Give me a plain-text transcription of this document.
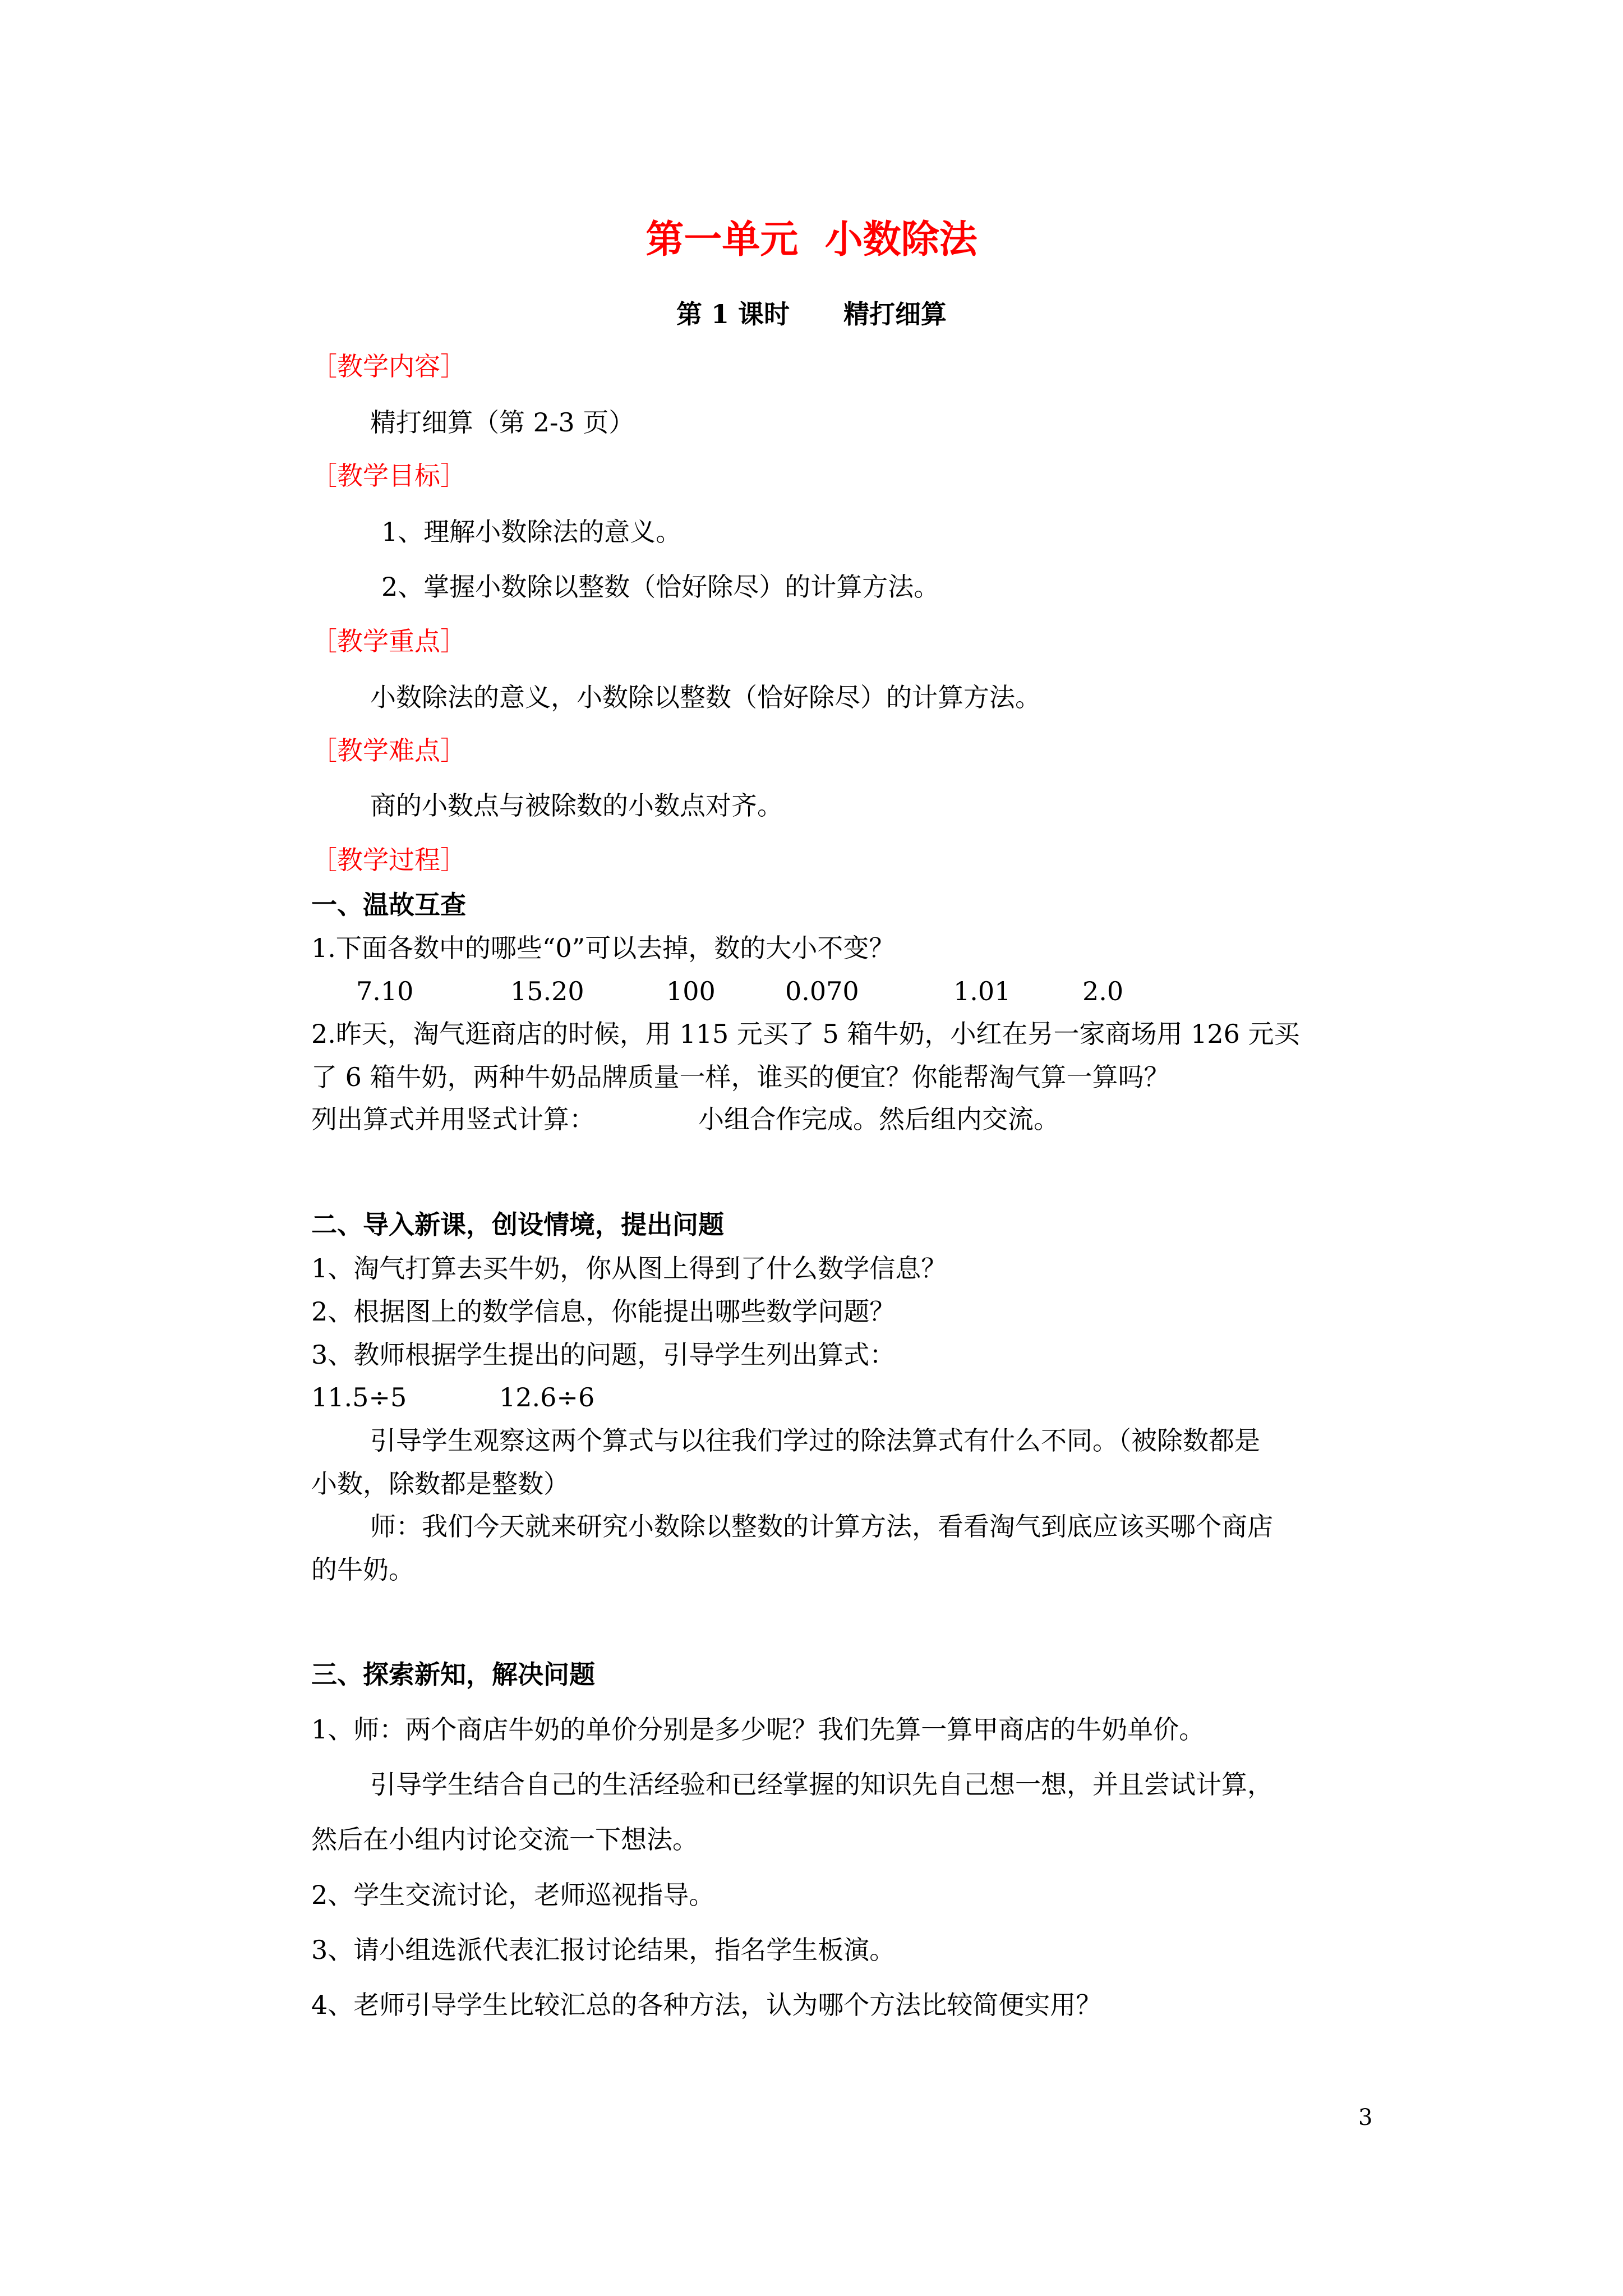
第一单元  小数除法
第 1 课时      精打细算
［教学内容］
精打细算（第 2-3 页）
［教学目标］
1、理解小数除法的意义。
2、掌握小数除以整数（恰好除尽）的计算方法。
［教学重点］
小数除法的意义，小数除以整数（恰好除尽）的计算方法。
［教学难点］
商的小数点与被除数的小数点对齐。
［教学过程］
一、温故互查
1.下面各数中的哪些“0”可以去掉，数的大小不变？

7.10

	15.20

	100

	0.070

	1.01

	2.0

2.昨天，淘气逛商店的时候，用 115 元买了 5 箱牛奶，小红在另一家商场用 126 元买
了 6 箱牛奶，两种牛奶品牌质量一样，谁买的便宜？你能帮淘气算一算吗？
列出算式并用竖式计算：	小组合作完成。然后组内交流。
二、导入新课，创设情境，提出问题
1、淘气打算去买牛奶，你从图上得到了什么数学信息？
2、根据图上的数学信息，你能提出哪些数学问题？
3、教师根据学生提出的问题，引导学生列出算式：
11.5÷5	12.6÷6
引导学生观察这两个算式与以往我们学过的除法算式有什么不同。（被除数都是
小数，除数都是整数）
师：我们今天就来研究小数除以整数的计算方法，看看淘气到底应该买哪个商店
的牛奶。
三、探索新知，解决问题
1、师：两个商店牛奶的单价分别是多少呢？我们先算一算甲商店的牛奶单价。
引导学生结合自己的生活经验和已经掌握的知识先自己想一想，并且尝试计算，
然后在小组内讨论交流一下想法。
2、学生交流讨论，老师巡视指导。
3、请小组选派代表汇报讨论结果，指名学生板演。
4、老师引导学生比较汇总的各种方法，认为哪个方法比较简便实用？
3
